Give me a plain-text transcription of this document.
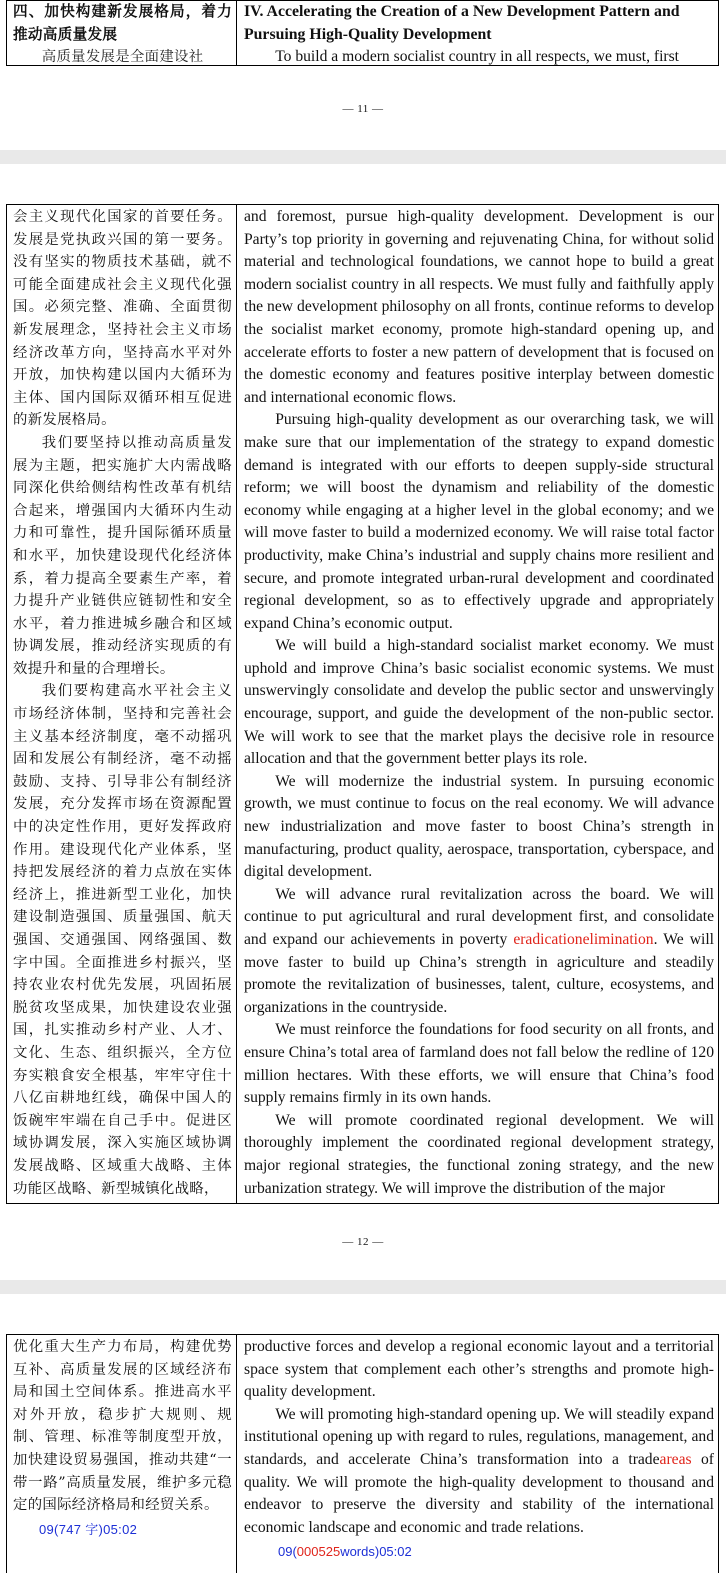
四、加快构建新发展格局，着力推动高质量发展

高质量发展是全面建设社

IV. Accelerating the Creation of a New Development Pattern and Pursuing High-Quality Development

To build a modern socialist country in all respects, we must, first

— 11 —

会主义现代化国家的首要任务。发展是党执政兴国的第一要务。没有坚实的物质技术基础，就不可能全面建成社会主义现代化强国。必须完整、准确、全面贯彻新发展理念，坚持社会主义市场经济改革方向，坚持高水平对外开放，加快构建以国内大循环为主体、国内国际双循环相互促进的新发展格局。

我们要坚持以推动高质量发展为主题，把实施扩大内需战略同深化供给侧结构性改革有机结合起来，增强国内大循环内生动力和可靠性，提升国际循环质量和水平，加快建设现代化经济体系，着力提高全要素生产率，着力提升产业链供应链韧性和安全水平，着力推进城乡融合和区域协调发展，推动经济实现质的有效提升和量的合理增长。

我们要构建高水平社会主义市场经济体制，坚持和完善社会主义基本经济制度，毫不动摇巩固和发展公有制经济，毫不动摇鼓励、支持、引导非公有制经济发展，充分发挥市场在资源配置中的决定性作用，更好发挥政府作用。建设现代化产业体系，坚持把发展经济的着力点放在实体经济上，推进新型工业化，加快建设制造强国、质量强国、航天强国、交通强国、网络强国、数字中国。全面推进乡村振兴，坚持农业农村优先发展，巩固拓展脱贫攻坚成果，加快建设农业强国，扎实推动乡村产业、人才、文化、生态、组织振兴，全方位夯实粮食安全根基，牢牢守住十八亿亩耕地红线，确保中国人的饭碗牢牢端在自己手中。促进区域协调发展，深入实施区域协调发展战略、区域重大战略、主体功能区战略、新型城镇化战略，

and foremost, pursue high-quality development. Development is our Party’s top priority in governing and rejuvenating China, for without solid material and technological foundations, we cannot hope to build a great modern socialist country in all respects. We must fully and faithfully apply the new development philosophy on all fronts, continue reforms to develop the socialist market economy, promote high-standard opening up, and accelerate efforts to foster a new pattern of development that is focused on the domestic economy and features positive interplay between domestic and international economic flows.

Pursuing high-quality development as our overarching task, we will make sure that our implementation of the strategy to expand domestic demand is integrated with our efforts to deepen supply-side structural reform; we will boost the dynamism and reliability of the domestic economy while engaging at a higher level in the global economy; and we will move faster to build a modernized economy. We will raise total factor productivity, make China’s industrial and supply chains more resilient and secure, and promote integrated urban-rural development and coordinated regional development, so as to effectively upgrade and appropriately expand China’s economic output.

We will build a high-standard socialist market economy. We must uphold and improve China’s basic socialist economic systems. We must unswervingly consolidate and develop the public sector and unswervingly encourage, support, and guide the development of the non-public sector. We will work to see that the market plays the decisive role in resource allocation and that the government better plays its role.

We will modernize the industrial system. In pursuing economic growth, we must continue to focus on the real economy. We will advance new industrialization and move faster to boost China’s strength in manufacturing, product quality, aerospace, transportation, cyberspace, and digital development.

We will advance rural revitalization across the board. We will continue to put agricultural and rural development first, and consolidate and expand our achievements in poverty eradicationelimination. We will move faster to build up China’s strength in agriculture and steadily promote the revitalization of businesses, talent, culture, ecosystems, and organizations in the countryside.

We must reinforce the foundations for food security on all fronts, and ensure China’s total area of farmland does not fall below the redline of 120 million hectares. With these efforts, we will ensure that China’s food supply remains firmly in its own hands.

We will promote coordinated regional development. We will thoroughly implement the coordinated regional development strategy, major regional strategies, the functional zoning strategy, and the new urbanization strategy. We will improve the distribution of the major

— 12 —

优化重大生产力布局，构建优势互补、高质量发展的区域经济布局和国土空间体系。推进高水平对外开放，稳步扩大规则、规制、管理、标准等制度型开放，加快建设贸易强国，推动共建“一带一路”高质量发展，维护多元稳定的国际经济格局和经贸关系。

09(747 字)05:02

productive forces and develop a regional economic layout and a territorial space system that complement each other’s strengths and promote high-quality development.

We will promoting high-standard opening up. We will steadily expand institutional opening up with regard to rules, regulations, management, and standards, and accelerate China’s transformation into a tradeareas of quality. We will promote the high-quality development to thousand and endeavor to preserve the diversity and stability of the international economic landscape and economic and trade relations.

09(000525words)05:02
